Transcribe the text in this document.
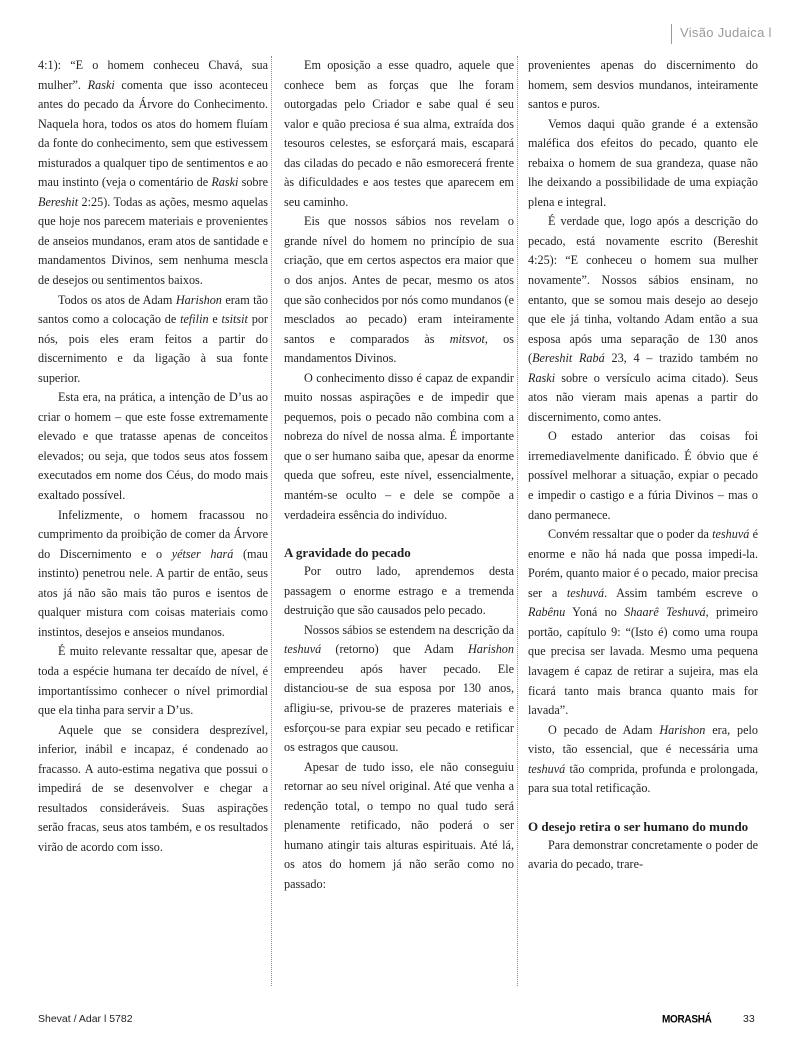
Visão Judaica l

4:1): “E o homem conheceu Chavá, sua mulher”. Raski comenta que isso aconteceu antes do pecado da Árvore do Conhecimento. Naquela hora, todos os atos do homem fluíam da fonte do conhecimento, sem que estivessem misturados a qualquer tipo de sentimentos e ao mau instinto (veja o comentário de Raski sobre Bereshit 2:25). Todas as ações, mesmo aquelas que hoje nos parecem materiais e provenientes de anseios mundanos, eram atos de santidade e mandamentos Divinos, sem nenhuma mescla de desejos ou sentimentos baixos.

Todos os atos de Adam Harishon eram tão santos como a colocação de tefilin e tsitsit por nós, pois eles eram feitos a partir do discernimento e da ligação à sua fonte superior.

Esta era, na prática, a intenção de D’us ao criar o homem – que este fosse extremamente elevado e que tratasse apenas de conceitos elevados; ou seja, que todos seus atos fossem executados em nome dos Céus, do modo mais exaltado possível.

Infelizmente, o homem fracassou no cumprimento da proibição de comer da Árvore do Discernimento e o yétser hará (mau instinto) penetrou nele. A partir de então, seus atos já não são mais tão puros e isentos de qualquer mistura com coisas materiais como instintos, desejos e anseios mundanos.

É muito relevante ressaltar que, apesar de toda a espécie humana ter decaído de nível, é importantíssimo conhecer o nível primordial que ela tinha para servir a D’us.

Aquele que se considera desprezível, inferior, inábil e incapaz, é condenado ao fracasso. A auto-estima negativa que possui o impedirá de se desenvolver e chegar a resultados consideráveis. Suas aspirações serão fracas, seus atos também, e os resultados virão de acordo com isso.

Em oposição a esse quadro, aquele que conhece bem as forças que lhe foram outorgadas pelo Criador e sabe qual é seu valor e quão preciosa é sua alma, extraída dos tesouros celestes, se esforçará mais, escapará das ciladas do pecado e não esmorecerá frente às dificuldades e aos testes que aparecem em seu caminho.

Eis que nossos sábios nos revelam o grande nível do homem no princípio de sua criação, que em certos aspectos era maior que o dos anjos. Antes de pecar, mesmo os atos que são conhecidos por nós como mundanos (e mesclados ao pecado) eram inteiramente santos e comparados às mitsvot, os mandamentos Divinos.

O conhecimento disso é capaz de expandir muito nossas aspirações e de impedir que pequemos, pois o pecado não combina com a nobreza do nível de nossa alma. É importante que o ser humano saiba que, apesar da enorme queda que sofreu, este nível, essencialmente, mantém-se oculto – e dele se compõe a verdadeira essência do indivíduo.

A gravidade do pecado

Por outro lado, aprendemos desta passagem o enorme estrago e a tremenda destruição que são causados pelo pecado.

Nossos sábios se estendem na descrição da teshuvá (retorno) que Adam Harishon empreendeu após haver pecado. Ele distanciou-se de sua esposa por 130 anos, afligiu-se, privou-se de prazeres materiais e esforçou-se para expiar seu pecado e retificar os estragos que causou.

Apesar de tudo isso, ele não conseguiu retornar ao seu nível original. Até que venha a redenção total, o tempo no qual tudo será plenamente retificado, não poderá o ser humano atingir tais alturas espirituais. Até lá, os atos do homem já não serão como no passado:

provenientes apenas do discernimento do homem, sem desvios mundanos, inteiramente santos e puros.

Vemos daqui quão grande é a extensão maléfica dos efeitos do pecado, quanto ele rebaixa o homem de sua grandeza, quase não lhe deixando a possibilidade de uma expiação plena e integral.

É verdade que, logo após a descrição do pecado, está novamente escrito (Bereshit 4:25): “E conheceu o homem sua mulher novamente”. Nossos sábios ensinam, no entanto, que se somou mais desejo ao desejo que ele já tinha, voltando Adam então a sua esposa após uma separação de 130 anos (Bereshit Rabá 23, 4 – trazido também no Raski sobre o versículo acima citado). Seus atos não vieram mais apenas a partir do discernimento, como antes.

O estado anterior das coisas foi irremediavelmente danificado. É óbvio que é possível melhorar a situação, expiar o pecado e impedir o castigo e a fúria Divinos – mas o dano permanece.

Convém ressaltar que o poder da teshuvá é enorme e não há nada que possa impedi-la. Porém, quanto maior é o pecado, maior precisa ser a teshuvá. Assim também escreve o Rabênu Yoná no Shaarê Teshuvá, primeiro portão, capítulo 9: “(Isto é) como uma roupa que precisa ser lavada. Mesmo uma pequena lavagem é capaz de retirar a sujeira, mas ela ficará tanto mais branca quanto mais for lavada”.

O pecado de Adam Harishon era, pelo visto, tão essencial, que é necessária uma teshuvá tão comprida, profunda e prolongada, para sua total retificação.

O desejo retira o ser humano do mundo

Para demonstrar concretamente o poder de avaria do pecado, trare-

Shevat / Adar l 5782	MORASHÁ	33
